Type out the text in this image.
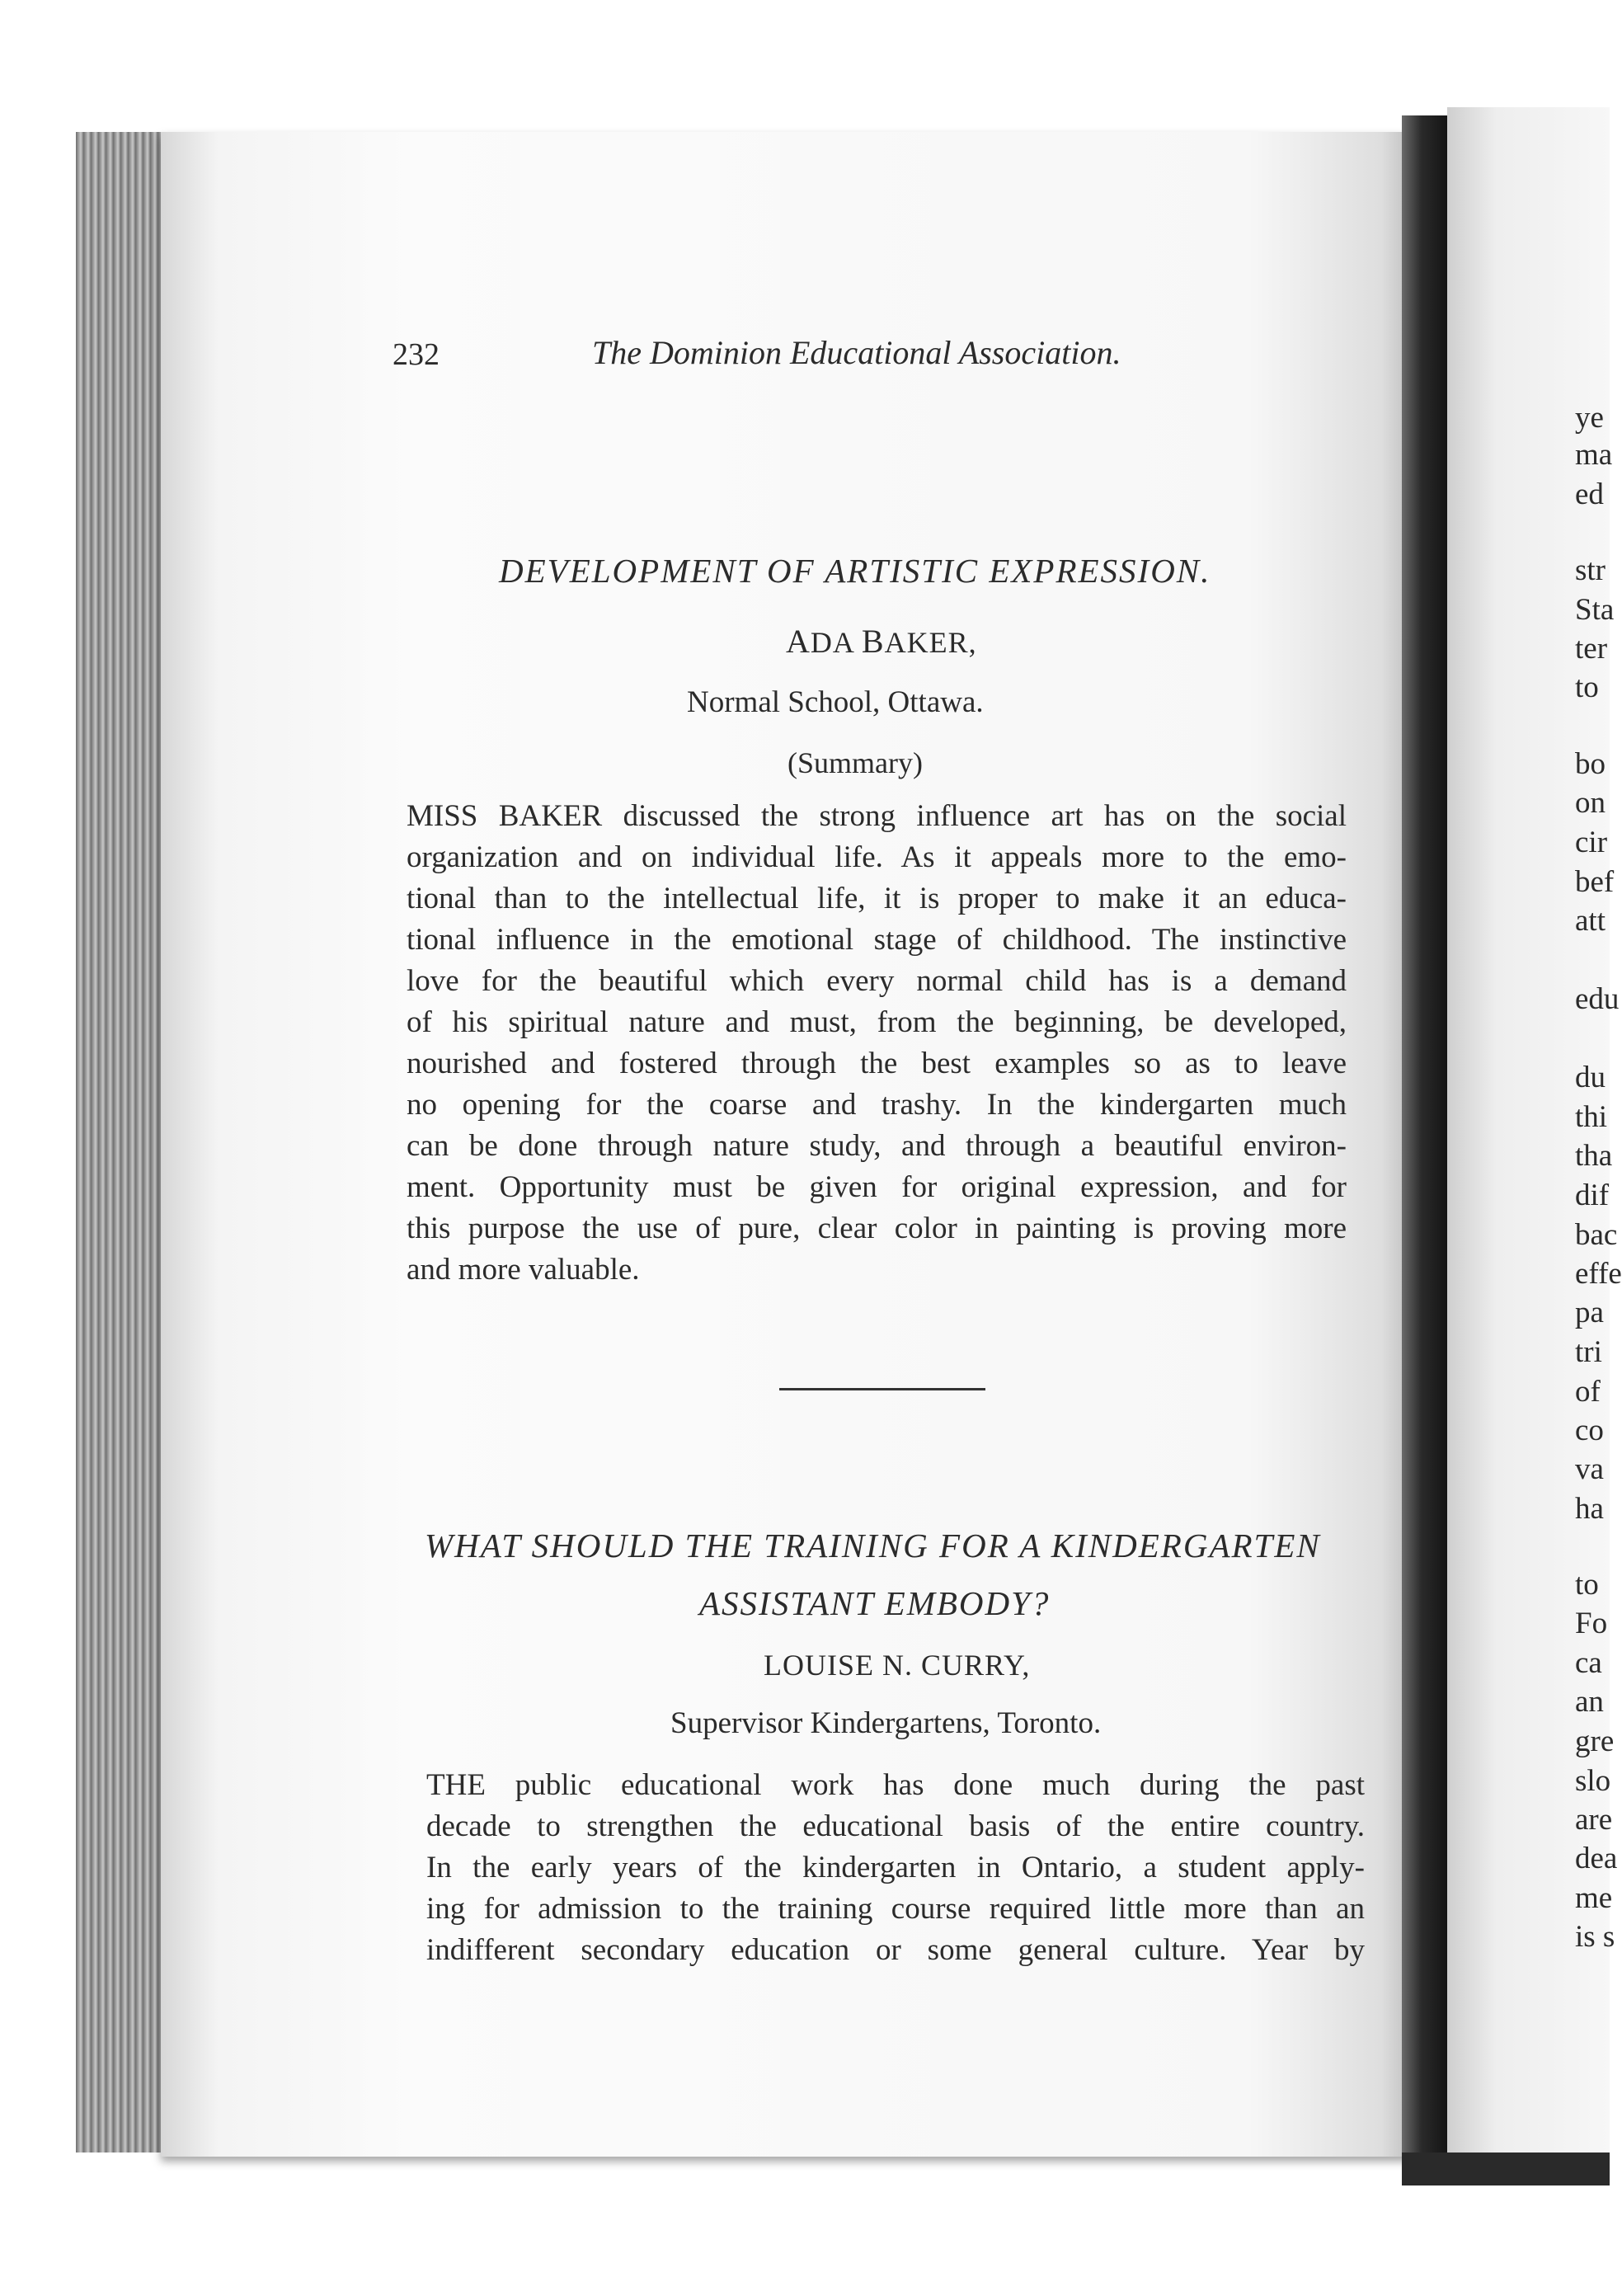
232	The Dominion Educational Association.

DEVELOPMENT OF ARTISTIC EXPRESSION.

ADA BAKER,

Normal School, Ottawa.

(Summary)

MISS BAKER discussed the strong influence art has on the social
organization and on individual life. As it appeals more to the emo-
tional than to the intellectual life, it is proper to make it an educa-
tional influence in the emotional stage of childhood. The instinctive
love for the beautiful which every normal child has is a demand
of his spiritual nature and must, from the beginning, be developed,
nourished and fostered through the best examples so as to leave
no opening for the coarse and trashy. In the kindergarten much
can be done through nature study, and through a beautiful environ-
ment. Opportunity must be given for original expression, and for
this purpose the use of pure, clear color in painting is proving more
and more valuable.

WHAT SHOULD THE TRAINING FOR A KINDERGARTEN

ASSISTANT EMBODY?

LOUISE N. CURRY,

Supervisor Kindergartens, Toronto.

THE public educational work has done much during the past
decade to strengthen the educational basis of the entire country.
In the early years of the kindergarten in Ontario, a student apply-
ing for admission to the training course required little more than an
indifferent secondary education or some general culture. Year by
ye
ma
ed
str
Sta
ter
to
bo
on
cir
bef
att
edu
du
thi
tha
dif
bac
effe
pa
tri
of
co
va
ha
to
Fo
ca
an
gre
slo
are
dea
me
is s
